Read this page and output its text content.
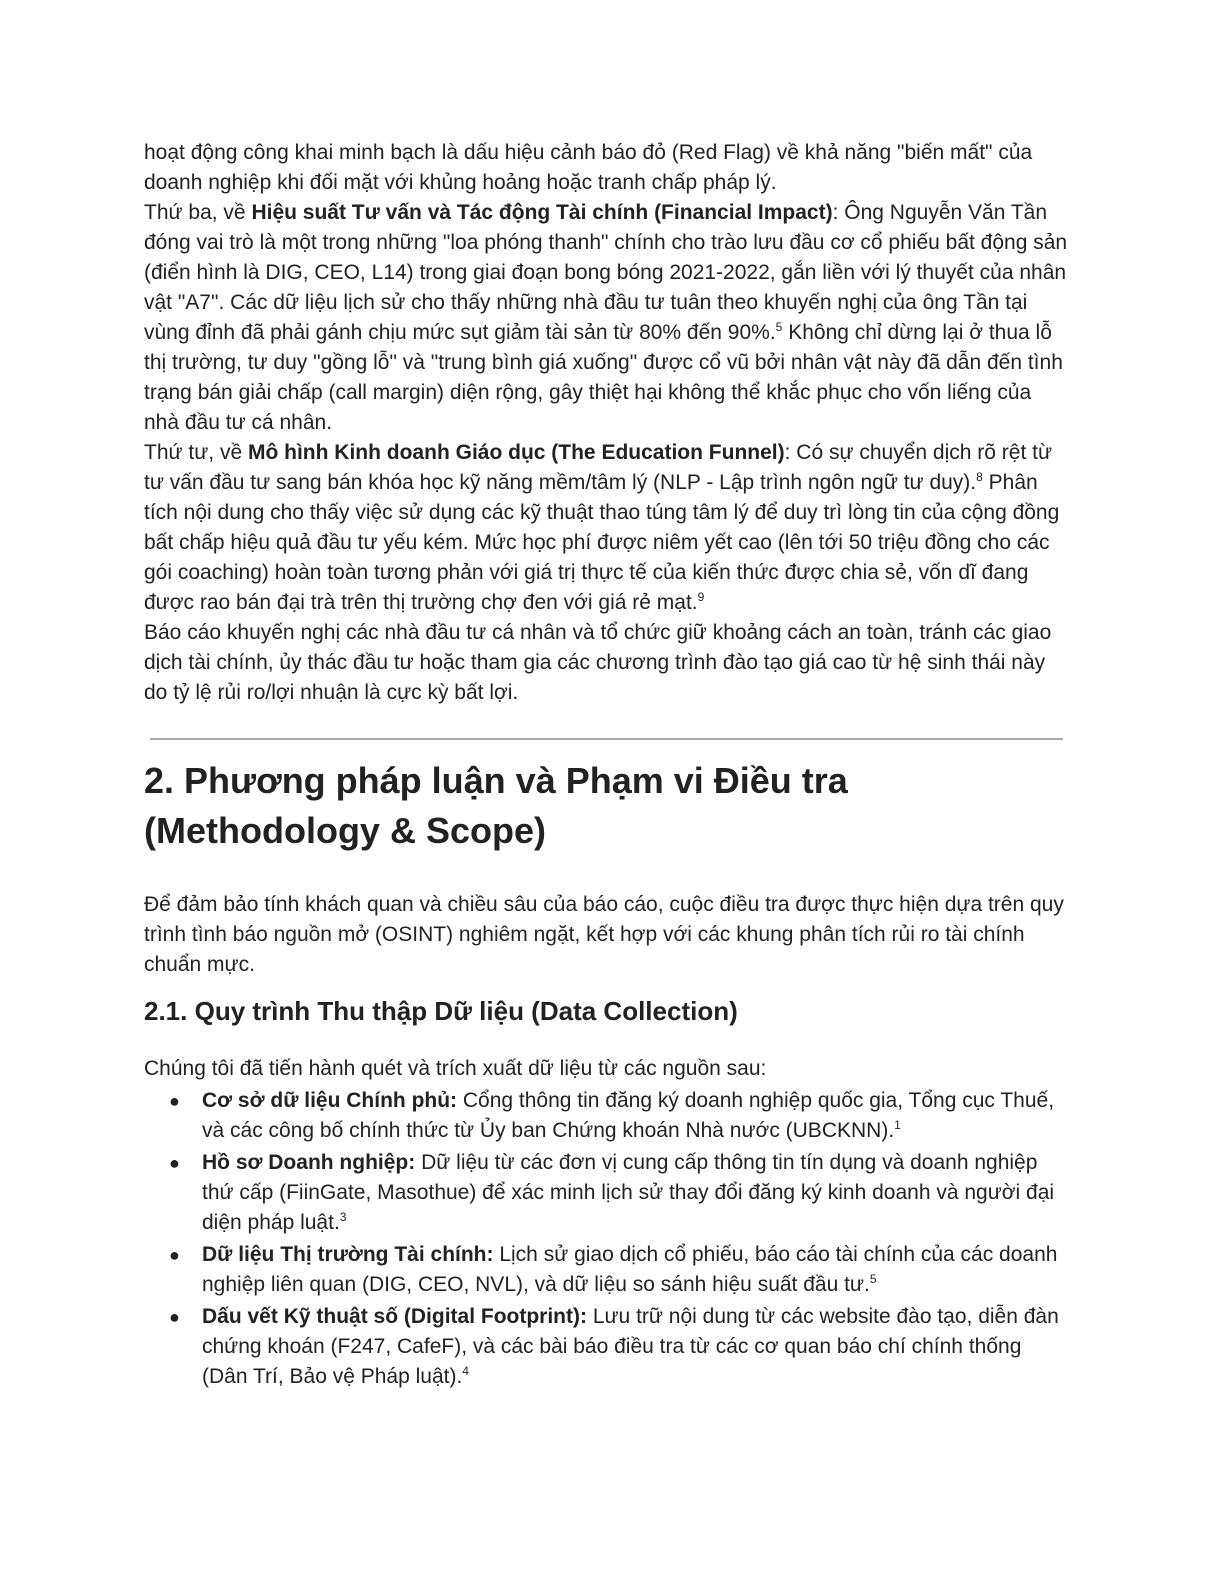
hoạt động công khai minh bạch là dấu hiệu cảnh báo đỏ (Red Flag) về khả năng "biến mất" của doanh nghiệp khi đối mặt với khủng hoảng hoặc tranh chấp pháp lý.

Thứ ba, về Hiệu suất Tư vấn và Tác động Tài chính (Financial Impact): Ông Nguyễn Văn Tần đóng vai trò là một trong những "loa phóng thanh" chính cho trào lưu đầu cơ cổ phiếu bất động sản (điển hình là DIG, CEO, L14) trong giai đoạn bong bóng 2021-2022, gắn liền với lý thuyết của nhân vật "A7". Các dữ liệu lịch sử cho thấy những nhà đầu tư tuân theo khuyến nghị của ông Tần tại vùng đỉnh đã phải gánh chịu mức sụt giảm tài sản từ 80% đến 90%.$^5$ Không chỉ dừng lại ở thua lỗ thị trường, tư duy "gồng lỗ" và "trung bình giá xuống" được cổ vũ bởi nhân vật này đã dẫn đến tình trạng bán giải chấp (call margin) diện rộng, gây thiệt hại không thể khắc phục cho vốn liếng của nhà đầu tư cá nhân.

Thứ tư, về Mô hình Kinh doanh Giáo dục (The Education Funnel): Có sự chuyển dịch rõ rệt từ tư vấn đầu tư sang bán khóa học kỹ năng mềm/tâm lý (NLP - Lập trình ngôn ngữ tư duy).$^8$ Phân tích nội dung cho thấy việc sử dụng các kỹ thuật thao túng tâm lý để duy trì lòng tin của cộng đồng bất chấp hiệu quả đầu tư yếu kém. Mức học phí được niêm yết cao (lên tới 50 triệu đồng cho các gói coaching) hoàn toàn tương phản với giá trị thực tế của kiến thức được chia sẻ, vốn dĩ đang được rao bán đại trà trên thị trường chợ đen với giá rẻ mạt.$^9$

Báo cáo khuyến nghị các nhà đầu tư cá nhân và tổ chức giữ khoảng cách an toàn, tránh các giao dịch tài chính, ủy thác đầu tư hoặc tham gia các chương trình đào tạo giá cao từ hệ sinh thái này do tỷ lệ rủi ro/lợi nhuận là cực kỳ bất lợi.

2. Phương pháp luận và Phạm vi Điều tra
(Methodology & Scope)

Để đảm bảo tính khách quan và chiều sâu của báo cáo, cuộc điều tra được thực hiện dựa trên quy trình tình báo nguồn mở (OSINT) nghiêm ngặt, kết hợp với các khung phân tích rủi ro tài chính chuẩn mực.

2.1. Quy trình Thu thập Dữ liệu (Data Collection)

Chúng tôi đã tiến hành quét và trích xuất dữ liệu từ các nguồn sau:

● Cơ sở dữ liệu Chính phủ: Cổng thông tin đăng ký doanh nghiệp quốc gia, Tổng cục Thuế, và các công bố chính thức từ Ủy ban Chứng khoán Nhà nước (UBCKNN).$^1$
● Hồ sơ Doanh nghiệp: Dữ liệu từ các đơn vị cung cấp thông tin tín dụng và doanh nghiệp thứ cấp (FiinGate, Masothue) để xác minh lịch sử thay đổi đăng ký kinh doanh và người đại diện pháp luật.$^3$
● Dữ liệu Thị trường Tài chính: Lịch sử giao dịch cổ phiếu, báo cáo tài chính của các doanh nghiệp liên quan (DIG, CEO, NVL), và dữ liệu so sánh hiệu suất đầu tư.$^5$
● Dấu vết Kỹ thuật số (Digital Footprint): Lưu trữ nội dung từ các website đào tạo, diễn đàn chứng khoán (F247, CafeF), và các bài báo điều tra từ các cơ quan báo chí chính thống (Dân Trí, Bảo vệ Pháp luật).$^4$
